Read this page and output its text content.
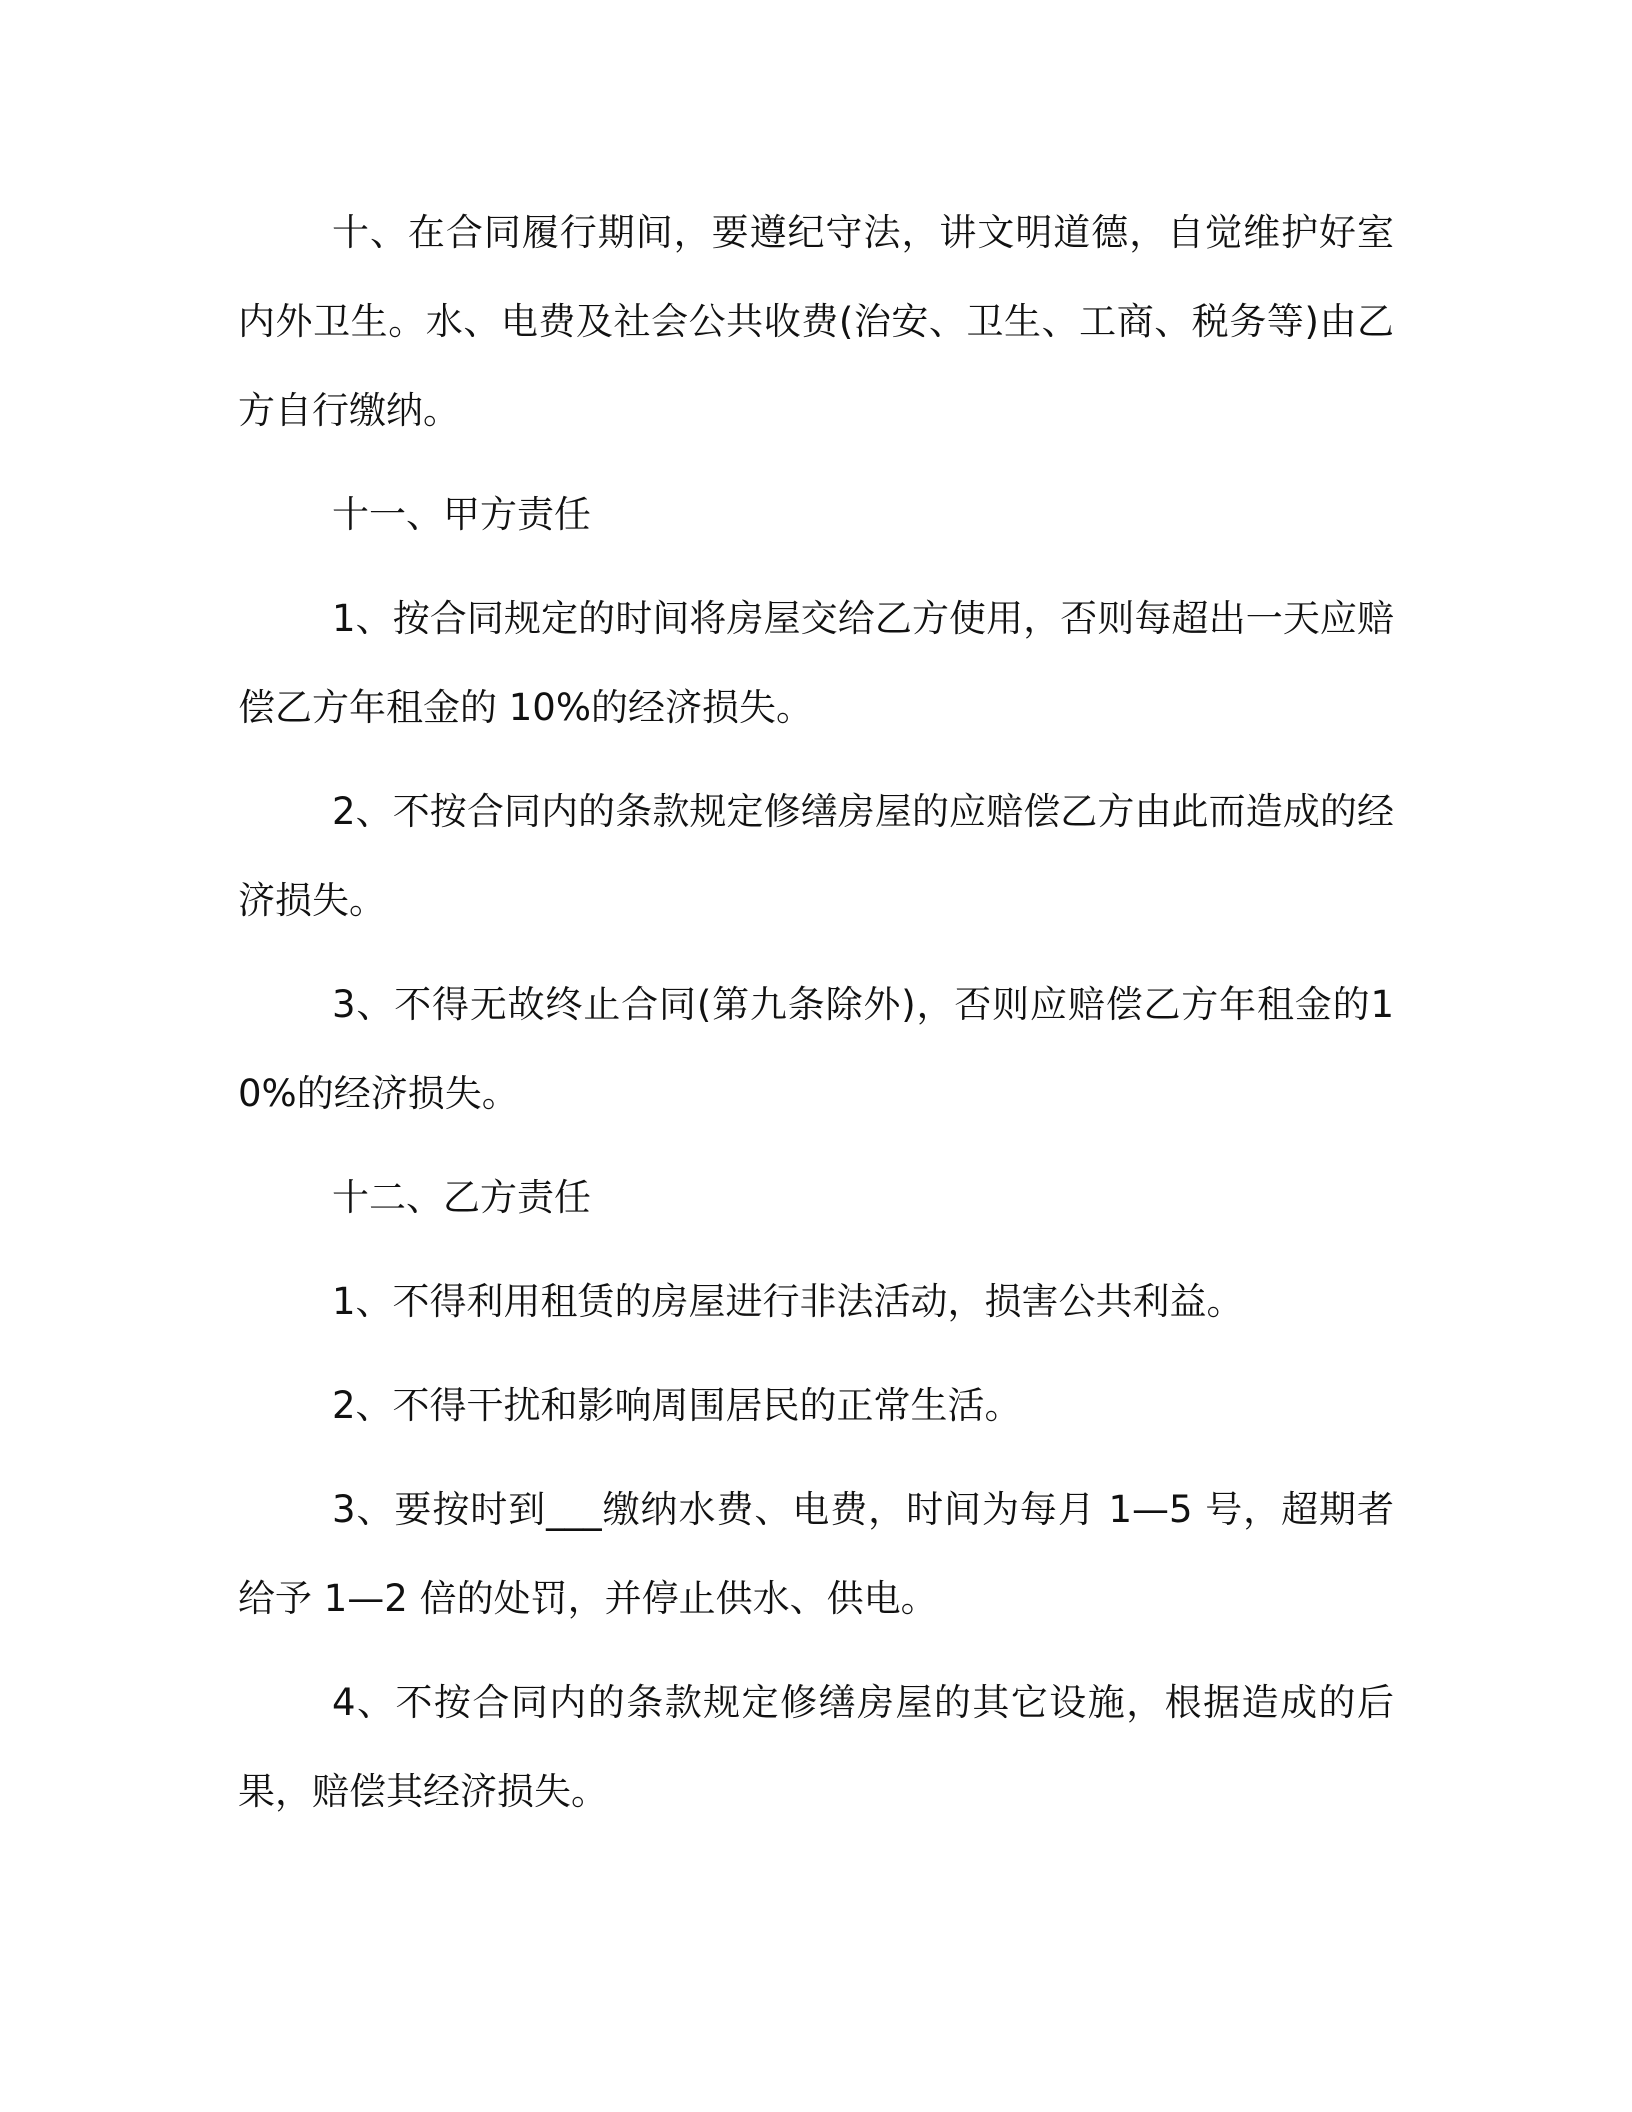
十、在合同履行期间，要遵纪守法，讲文明道德，自觉维护好室内外卫生。水、电费及社会公共收费(治安、卫生、工商、税务等)由乙方自行缴纳。

十一、甲方责任

1、按合同规定的时间将房屋交给乙方使用，否则每超出一天应赔偿乙方年租金的 10%的经济损失。

2、不按合同内的条款规定修缮房屋的应赔偿乙方由此而造成的经济损失。

3、不得无故终止合同(第九条除外)，否则应赔偿乙方年租金的10%的经济损失。

十二、乙方责任

1、不得利用租赁的房屋进行非法活动，损害公共利益。

2、不得干扰和影响周围居民的正常生活。

3、要按时到___缴纳水费、电费，时间为每月 1—5 号，超期者给予 1—2 倍的处罚，并停止供水、供电。

4、不按合同内的条款规定修缮房屋的其它设施，根据造成的后果，赔偿其经济损失。
